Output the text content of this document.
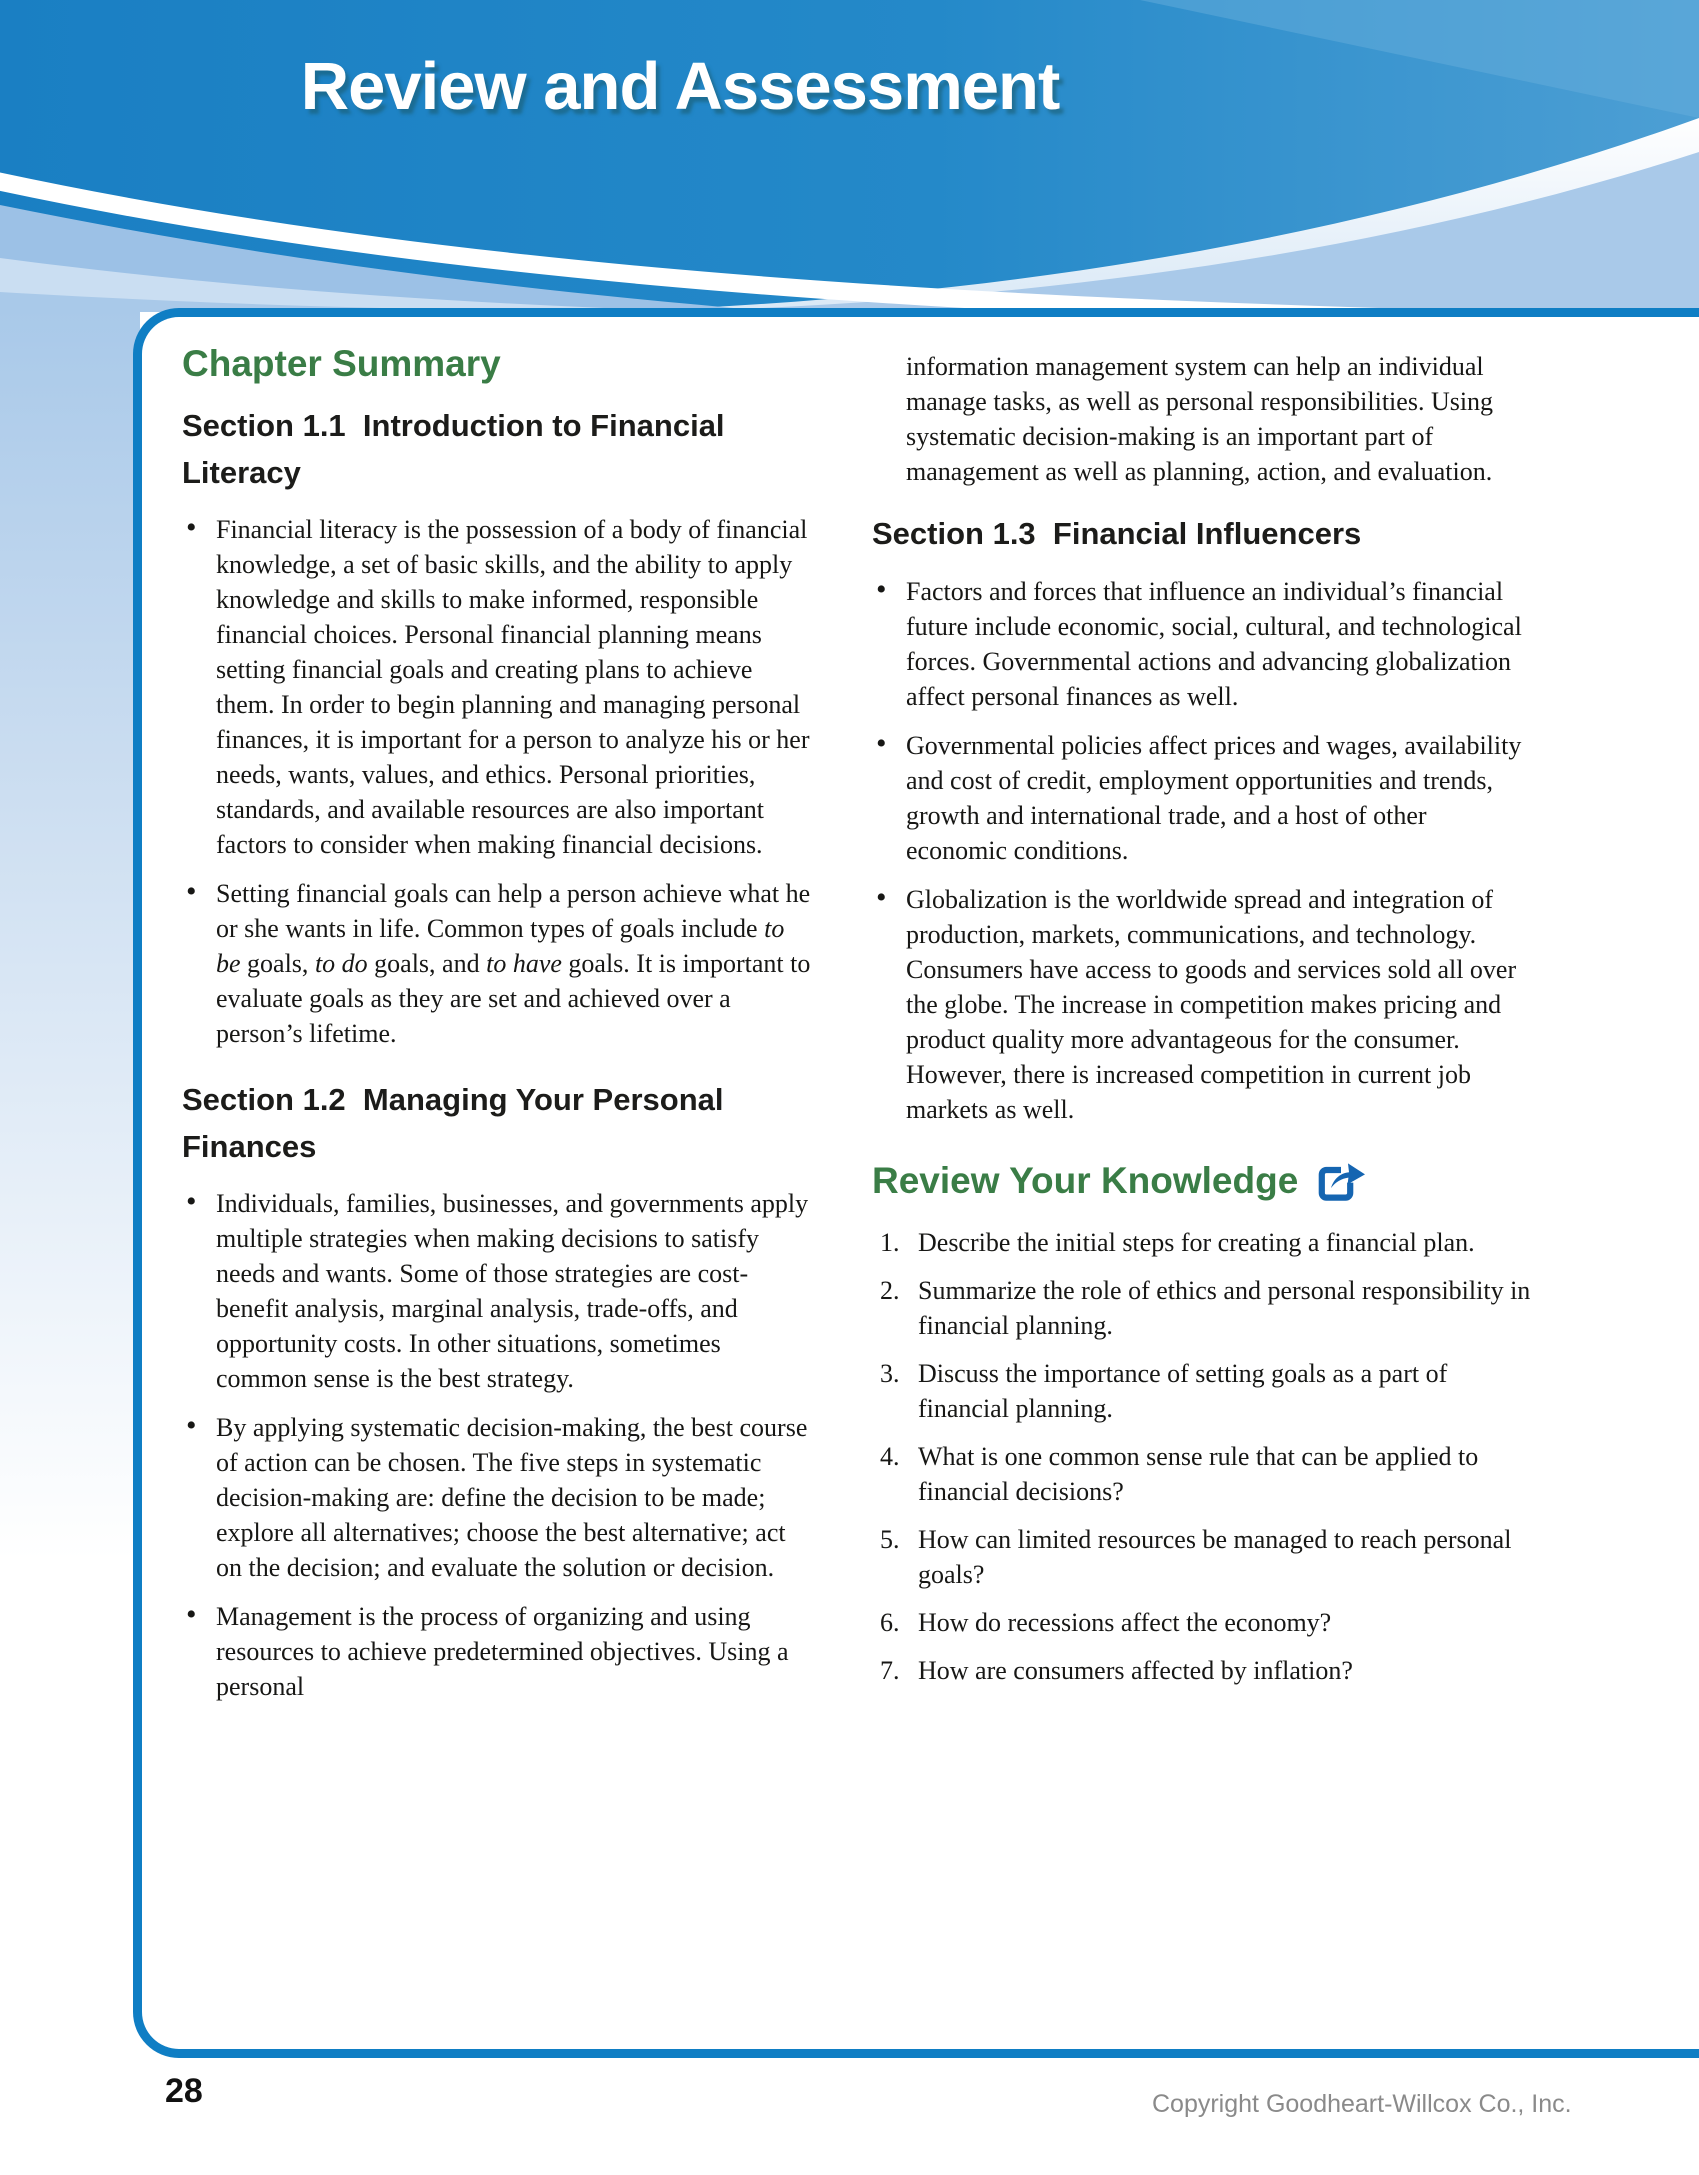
Review and Assessment
Chapter Summary
Section 1.1  Introduction to Financial Literacy
• Financial literacy is the possession of a body of financial knowledge, a set of basic skills, and the ability to apply knowledge and skills to make informed, responsible financial choices. Personal financial planning means setting financial goals and creating plans to achieve them. In order to begin planning and managing personal finances, it is important for a person to analyze his or her needs, wants, values, and ethics. Personal priorities, standards, and available resources are also important factors to consider when making financial decisions.
• Setting financial goals can help a person achieve what he or she wants in life. Common types of goals include to be goals, to do goals, and to have goals. It is important to evaluate goals as they are set and achieved over a person’s lifetime.
Section 1.2  Managing Your Personal Finances
• Individuals, families, businesses, and governments apply multiple strategies when making decisions to satisfy needs and wants. Some of those strategies are cost-benefit analysis, marginal analysis, trade-offs, and opportunity costs. In other situations, sometimes common sense is the best strategy.
• By applying systematic decision-making, the best course of action can be chosen. The five steps in systematic decision-making are: define the decision to be made; explore all alternatives; choose the best alternative; act on the decision; and evaluate the solution or decision.
• Management is the process of organizing and using resources to achieve predetermined objectives. Using a personal

information management system can help an individual manage tasks, as well as personal responsibilities. Using systematic decision-making is an important part of management as well as planning, action, and evaluation.

Section 1.3  Financial Influencers
• Factors and forces that influence an individual’s financial future include economic, social, cultural, and technological forces. Governmental actions and advancing globalization affect personal finances as well.
• Governmental policies affect prices and wages, availability and cost of credit, employment opportunities and trends, growth and international trade, and a host of other economic conditions.
• Globalization is the worldwide spread and integration of production, markets, communications, and technology. Consumers have access to goods and services sold all over the globe. The increase in competition makes pricing and product quality more advantageous for the consumer. However, there is increased competition in current job markets as well.
Review Your Knowledge
Describe the initial steps for creating a financial plan.
Summarize the role of ethics and personal responsibility in financial planning.
Discuss the importance of setting goals as a part of financial planning.
What is one common sense rule that can be applied to financial decisions?
How can limited resources be managed to reach personal goals?
How do recessions affect the economy?
How are consumers affected by inflation?
28	Copyright Goodheart-Willcox Co., Inc.
